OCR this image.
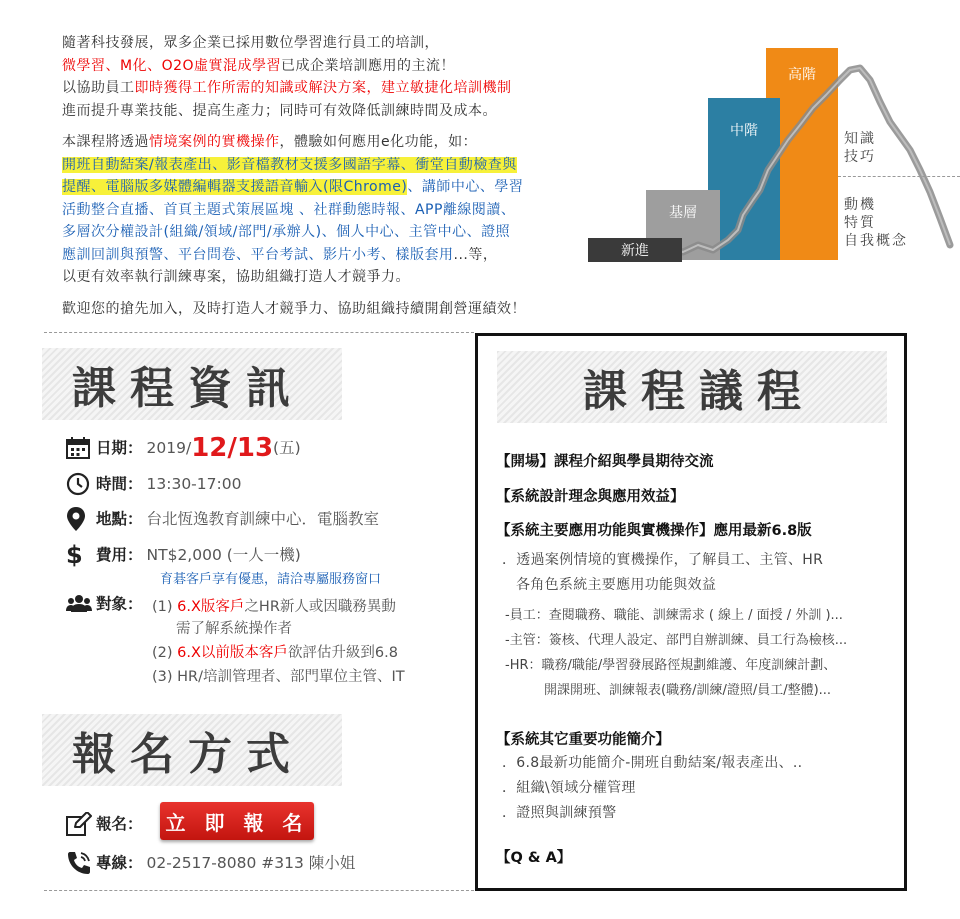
隨著科技發展，眾多企業已採用數位學習進行員工的培訓，

微學習、M化、O2O虛實混成學習已成企業培訓應用的主流！

以協助員工即時獲得工作所需的知識或解決方案，建立敏捷化培訓機制

進而提升專業技能、提高生產力；同時可有效降低訓練時間及成本。

本課程將透過情境案例的實機操作，體驗如何應用e化功能，如：

開班自動結案/報表產出、影音檔教材支援多國語字幕、衝堂自動檢查與

提醒、電腦版多媒體編輯器支援語音輸入(限Chrome)、講師中心、學習

活動整合直播、首頁主題式策展區塊 、社群動態時報、APP離線閱讀、

多層次分權設計(組織/領域/部門/承辦人)、個人中心、主管中心、證照

應訓回訓與預警、平台問卷、平台考試、影片小考、樣版套用...等，

以更有效率執行訓練專案，協助組織打造人才競爭力。

歡迎您的搶先加入，及時打造人才競爭力、協助組織持續開創營運績效！

高階
中階
基層
新進
知識
技巧
動機
特質
自我概念
課程資訊
日期： 2019/ 12/13 (五)
時間： 13:30-17:00
地點： 台北恆逸教育訓練中心．電腦教室
$ 費用： NT$2,000 (一人一機)
育碁客戶享有優惠，請洽專屬服務窗口
對象： (1) 6.X版客戶之HR新人或因職務異動
需了解系統操作者
(2) 6.X以前版本客戶欲評估升級到6.8
(3) HR/培訓管理者、部門單位主管、IT
報名方式
報名： 立 即 報 名
專線： 02-2517-8080 #313 陳小姐
課程議程
【開場】課程介紹與學員期待交流
【系統設計理念與應用效益】
【系統主要應用功能與實機操作】應用最新6.8版
．透過案例情境的實機操作，了解員工、主管、HR
各角色系統主要應用功能與效益
-員工：查閱職務、職能、訓練需求 ( 線上 / 面授 / 外訓 )...
-主管：簽核、代理人設定、部門自辦訓練、員工行為檢核...
-HR：職務/職能/學習發展路徑規劃維護、年度訓練計劃、
開課開班、訓練報表(職務/訓練/證照/員工/整體)...
【系統其它重要功能簡介】
．6.8最新功能簡介-開班自動結案/報表產出、..
．組織\領域分權管理
．證照與訓練預警
【Q & A】
